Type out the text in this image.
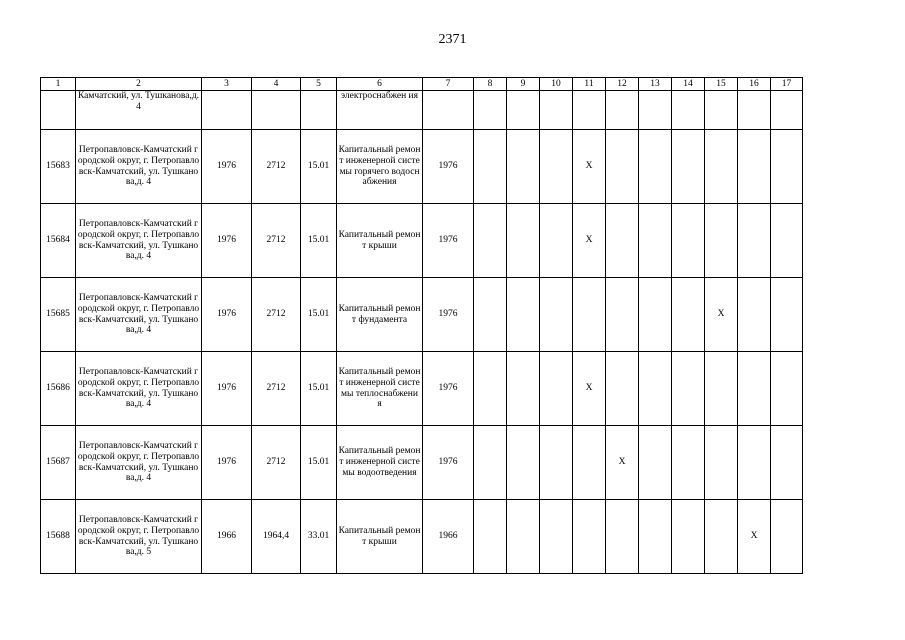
2371
1	2	3	4	5	6	7	8	9	10	11	12	13	14	15	16	17
	Камчатский, ул. Тушканова,д. 4				электроснабжен ия											
15683	Петропавловск-Камчатский городской округ, г. Петропавловск-Камчатский, ул. Тушканова,д. 4	1976	2712	15.01	Капитальный ремонт инженерной системы горячего водоснабжения	1976				X						
15684	Петропавловск-Камчатский городской округ, г. Петропавловск-Камчатский, ул. Тушканова,д. 4	1976	2712	15.01	Капитальный ремонт крыши	1976				X						
15685	Петропавловск-Камчатский городской округ, г. Петропавловск-Камчатский, ул. Тушканова,д. 4	1976	2712	15.01	Капитальный ремонт фундамента	1976								X		
15686	Петропавловск-Камчатский городской округ, г. Петропавловск-Камчатский, ул. Тушканова,д. 4	1976	2712	15.01	Капитальный ремонт инженерной системы теплоснабжени я	1976				X						
15687	Петропавловск-Камчатский городской округ, г. Петропавловск-Камчатский, ул. Тушканова,д. 4	1976	2712	15.01	Капитальный ремонт инженерной системы водоотведения	1976					X					
15688	Петропавловск-Камчатский городской округ, г. Петропавловск-Камчатский, ул. Тушканова,д. 5	1966	1964,4	33.01	Капитальный ремонт крыши	1966									X	
